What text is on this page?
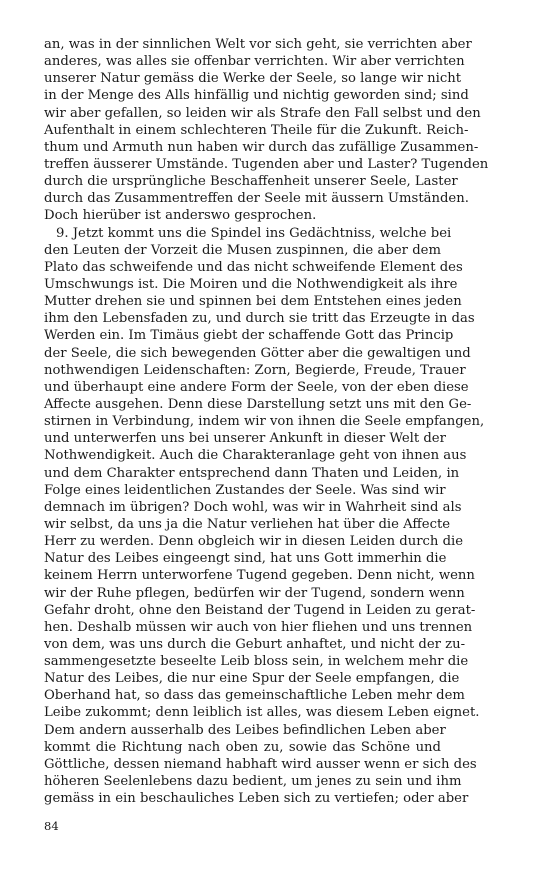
an, was in der sinnlichen Welt vor sich geht, sie verrichten aber
anderes, was alles sie offenbar verrichten. Wir aber verrichten
unserer Natur gemäss die Werke der Seele, so lange wir nicht
in der Menge des Alls hinfällig und nichtig geworden sind; sind
wir aber gefallen, so leiden wir als Strafe den Fall selbst und den
Aufenthalt in einem schlechteren Theile für die Zukunft. Reich-
thum und Armuth nun haben wir durch das zufällige Zusammen-
treffen äusserer Umstände. Tugenden aber und Laster? Tugenden
durch die ursprüngliche Beschaffenheit unserer Seele, Laster
durch das Zusammentreffen der Seele mit äussern Umständen.
Doch hierüber ist anderswo gesprochen.
9. Jetzt kommt uns die Spindel ins Gedächtniss, welche bei
den Leuten der Vorzeit die Musen zuspinnen, die aber dem
Plato das schweifende und das nicht schweifende Element des
Umschwungs ist. Die Moiren und die Nothwendigkeit als ihre
Mutter drehen sie und spinnen bei dem Entstehen eines jeden
ihm den Lebensfaden zu, und durch sie tritt das Erzeugte in das
Werden ein. Im Timäus giebt der schaffende Gott das Princip
der Seele, die sich bewegenden Götter aber die gewaltigen und
nothwendigen Leidenschaften: Zorn, Begierde, Freude, Trauer
und überhaupt eine andere Form der Seele, von der eben diese
Affecte ausgehen. Denn diese Darstellung setzt uns mit den Ge-
stirnen in Verbindung, indem wir von ihnen die Seele empfangen,
und unterwerfen uns bei unserer Ankunft in dieser Welt der
Nothwendigkeit. Auch die Charakteranlage geht von ihnen aus
und dem Charakter entsprechend dann Thaten und Leiden, in
Folge eines leidentlichen Zustandes der Seele. Was sind wir
demnach im übrigen? Doch wohl, was wir in Wahrheit sind als
wir selbst, da uns ja die Natur verliehen hat über die Affecte
Herr zu werden. Denn obgleich wir in diesen Leiden durch die
Natur des Leibes eingeengt sind, hat uns Gott immerhin die
keinem Herrn unterworfene Tugend gegeben. Denn nicht, wenn
wir der Ruhe pflegen, bedürfen wir der Tugend, sondern wenn
Gefahr droht, ohne den Beistand der Tugend in Leiden zu gerat-
hen. Deshalb müssen wir auch von hier fliehen und uns trennen
von dem, was uns durch die Geburt anhaftet, und nicht der zu-
sammengesetzte beseelte Leib bloss sein, in welchem mehr die
Natur des Leibes, die nur eine Spur der Seele empfangen, die
Oberhand hat, so dass das gemeinschaftliche Leben mehr dem
Leibe zukommt; denn leiblich ist alles, was diesem Leben eignet.
Dem andern ausserhalb des Leibes befindlichen Leben aber
kommt die Richtung nach oben zu, sowie das Schöne und
Göttliche, dessen niemand habhaft wird ausser wenn er sich des
höheren Seelenlebens dazu bedient, um jenes zu sein und ihm
gemäss in ein beschauliches Leben sich zu vertiefen; oder aber
84
